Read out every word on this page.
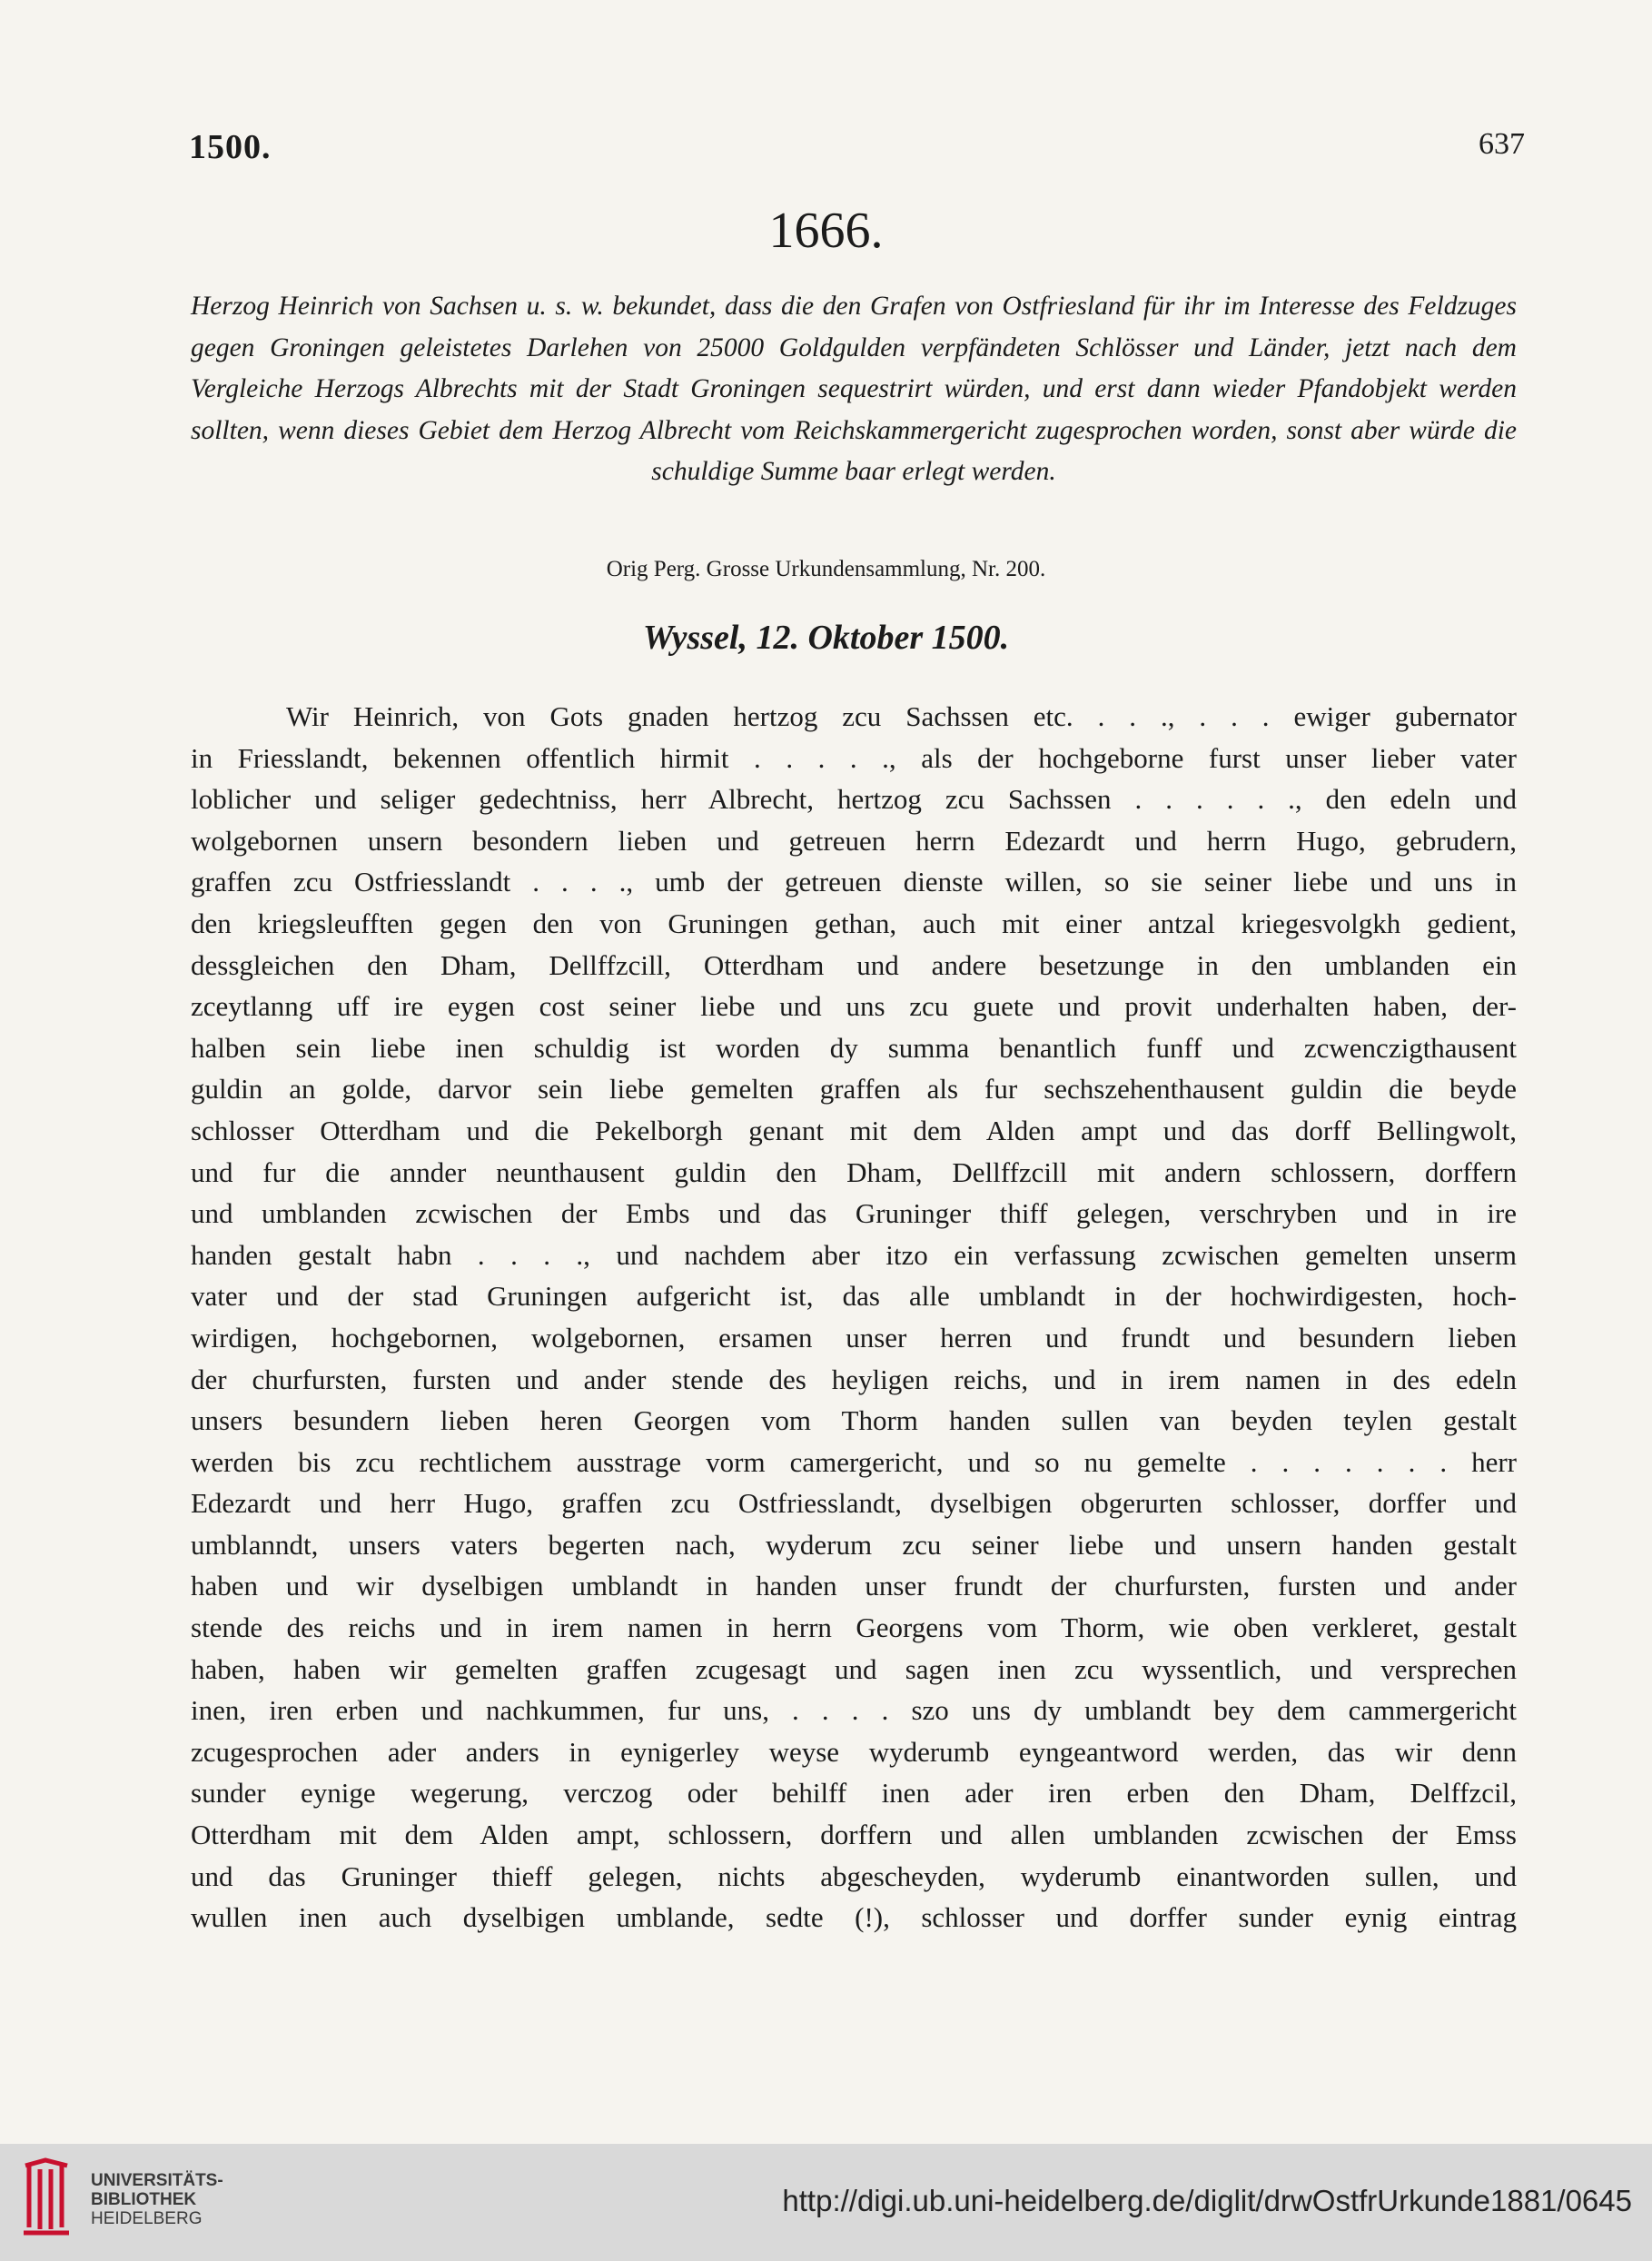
1500.	637
1666.
Herzog Heinrich von Sachsen u. s. w. bekundet, dass die den Grafen von Ostfriesland für ihr im Interesse des Feldzuges gegen Groningen geleistetes Darlehen von 25000 Goldgulden verpfändeten Schlösser und Länder, jetzt nach dem Vergleiche Herzogs Albrechts mit der Stadt Groningen sequestrirt würden, und erst dann wieder Pfandobjekt werden sollten, wenn dieses Gebiet dem Herzog Albrecht vom Reichskammergericht zugesprochen worden, sonst aber würde die schuldige Summe baar erlegt werden.
Orig Perg. Grosse Urkundensammlung, Nr. 200.
Wyssel, 12. Oktober 1500.
Wir Heinrich, von Gots gnaden hertzog zcu Sachssen etc. . . ., . . . ewiger gubernator
in Friesslandt, bekennen offentlich hirmit . . . . ., als der hochgeborne furst unser lieber vater
loblicher und seliger gedechtniss, herr Albrecht, hertzog zcu Sachssen . . . . . ., den edeln und
wolgebornen unsern besondern lieben und getreuen herrn Edezardt und herrn Hugo, gebrudern,
graffen zcu Ostfriesslandt . . . ., umb der getreuen dienste willen, so sie seiner liebe und uns in
den kriegsleufften gegen den von Gruningen gethan, auch mit einer antzal kriegesvolgkh gedient,
dessgleichen den Dham, Dellffzcill, Otterdham und andere besetzunge in den umblanden ein
zceytlanng uff ire eygen cost seiner liebe und uns zcu guete und provit underhalten haben, der-
halben sein liebe inen schuldig ist worden dy summa benantlich funff und zcwenczigthausent
guldin an golde, darvor sein liebe gemelten graffen als fur sechszehenthausent guldin die beyde
schlosser Otterdham und die Pekelborgh genant mit dem Alden ampt und das dorff Bellingwolt,
und fur die annder neunthausent guldin den Dham, Dellffzcill mit andern schlossern, dorffern
und umblanden zcwischen der Embs und das Gruninger thiff gelegen, verschryben und in ire
handen gestalt habn . . . ., und nachdem aber itzo ein verfassung zcwischen gemelten unserm
vater und der stad Gruningen aufgericht ist, das alle umblandt in der hochwirdigesten, hoch-
wirdigen, hochgebornen, wolgebornen, ersamen unser herren und frundt und besundern lieben
der churfursten, fursten und ander stende des heyligen reichs, und in irem namen in des edeln
unsers besundern lieben heren Georgen vom Thorm handen sullen van beyden teylen gestalt
werden bis zcu rechtlichem ausstrage vorm camergericht, und so nu gemelte . . . . . . . herr
Edezardt und herr Hugo, graffen zcu Ostfriesslandt, dyselbigen obgerurten schlosser, dorffer und
umblanndt, unsers vaters begerten nach, wyderum zcu seiner liebe und unsern handen gestalt
haben und wir dyselbigen umblandt in handen unser frundt der churfursten, fursten und ander
stende des reichs und in irem namen in herrn Georgens vom Thorm, wie oben verkleret, gestalt
haben, haben wir gemelten graffen zcugesagt und sagen inen zcu wyssentlich, und versprechen
inen, iren erben und nachkummen, fur uns, . . . . szo uns dy umblandt bey dem cammergericht
zcugesprochen ader anders in eynigerley weyse wyderumb eyngeantword werden, das wir denn
sunder eynige wegerung, verczog oder behilff inen ader iren erben den Dham, Delffzcil,
Otterdham mit dem Alden ampt, schlossern, dorffern und allen umblanden zcwischen der Emss
und das Gruninger thieff gelegen, nichts abgescheyden, wyderumb einantworden sullen, und
wullen inen auch dyselbigen umblande, sedte (!), schlosser und dorffer sunder eynig eintrag
UNIVERSITÄTS-
BIBLIOTHEK
HEIDELBERG
http://digi.ub.uni-heidelberg.de/diglit/drwOstfrUrkunde1881/0645
